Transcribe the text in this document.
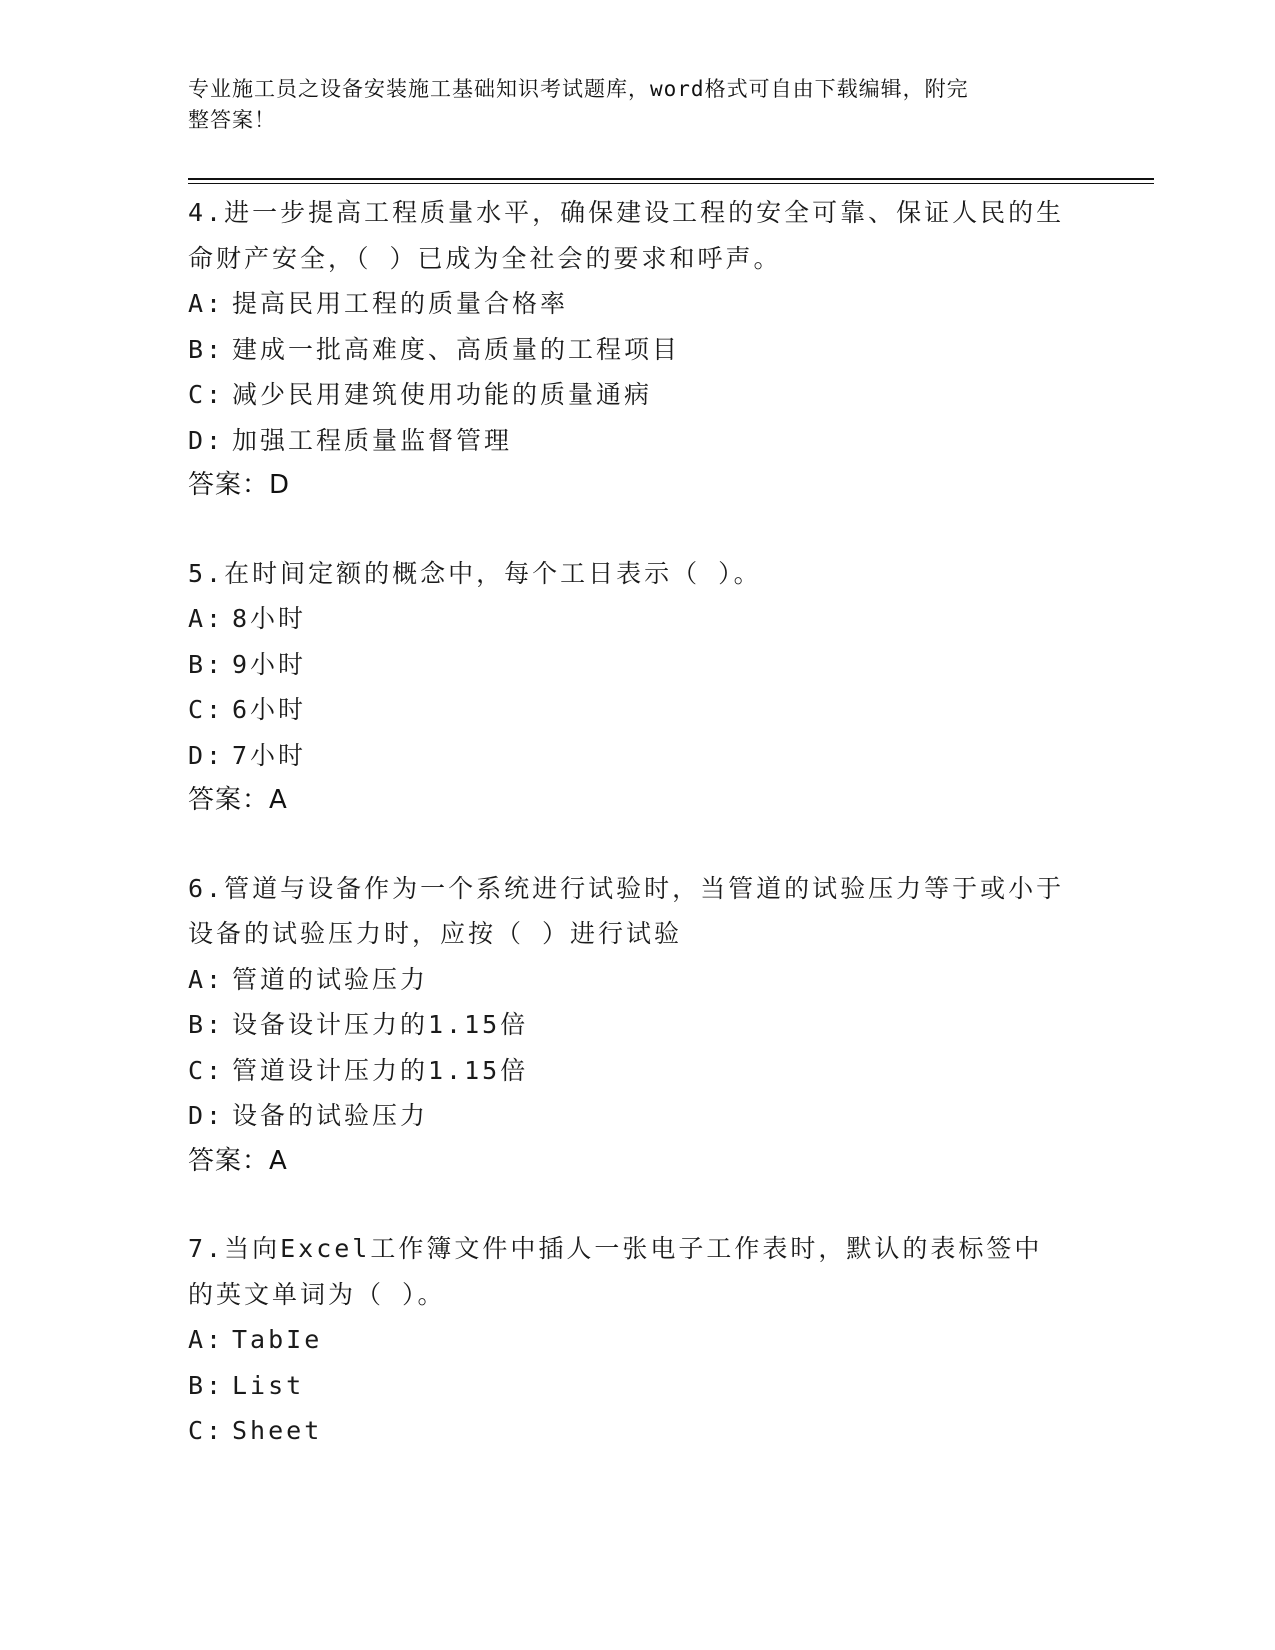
专业施工员之设备安装施工基础知识考试题库，word格式可自由下载编辑，附完
整答案！

4.进一步提高工程质量水平，确保建设工程的安全可靠、保证人民的生命财产安全，（ ）已成为全社会的要求和呼声。

A: 提高民用工程的质量合格率

B: 建成一批高难度、高质量的工程项目

C: 减少民用建筑使用功能的质量通病

D: 加强工程质量监督管理

答案：D

5.在时间定额的概念中，每个工日表示（ ）。

A: 8小时

B: 9小时

C: 6小时

D: 7小时

答案：A

6.管道与设备作为一个系统进行试验时，当管道的试验压力等于或小于设备的试验压力时，应按（ ）进行试验

A: 管道的试验压力

B: 设备设计压力的1.15倍

C: 管道设计压力的1.15倍

D: 设备的试验压力

答案：A

7.当向Excel工作簿文件中插人一张电子工作表时，默认的表标签中的英文单词为（ ）。

A: TabIe

B: List

C: Sheet
